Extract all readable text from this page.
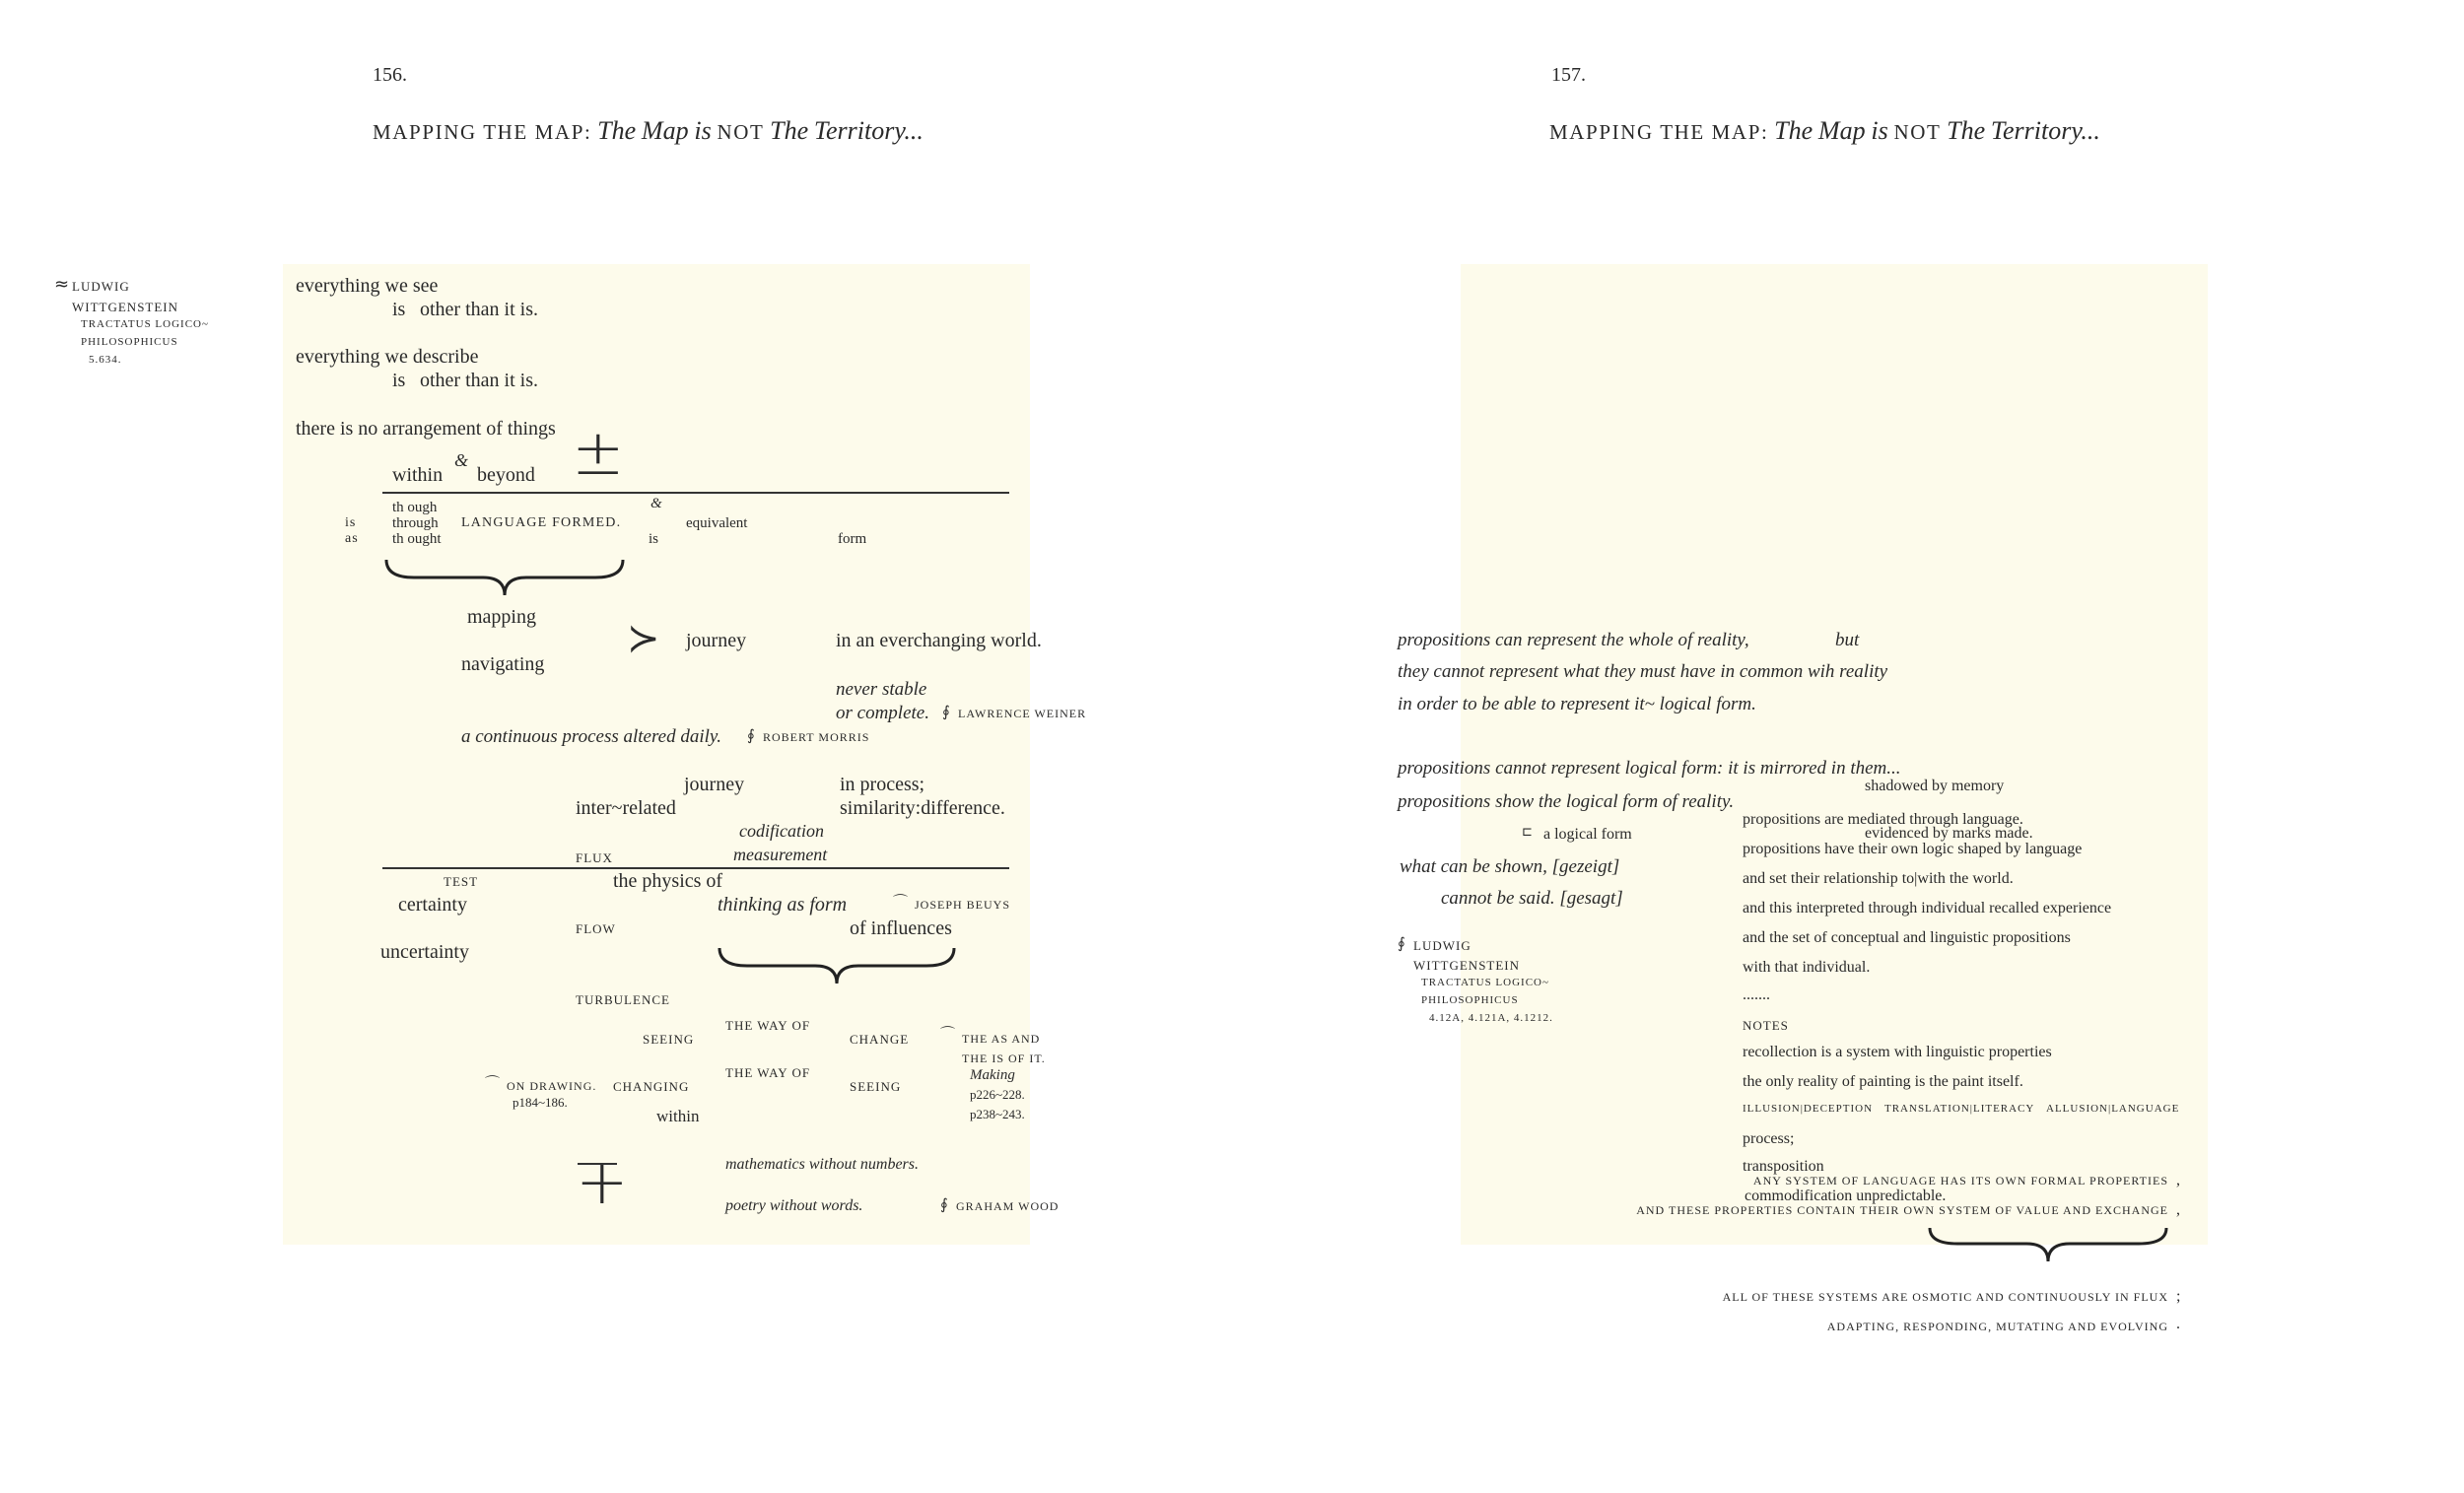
156.
MAPPING THE MAP: The Map is NOT The Territory...
≈ LUDWIG
WITTGENSTEIN
TRACTATUS LOGICO~
PHILOSOPHICUS
5.634.
everything we see
is other than it is.
everything we describe
is other than it is.
there is no arrangement of things
within
&
beyond ±
is
as
th ough
through
th ought
LANGUAGE FORMED.
&
equivalent
is	form
mapping
navigating
≻ journey	in an everchanging world.
never stable
or complete. ∮ LAWRENCE WEINER
a continuous process altered daily. ∮ ROBERT MORRIS
journey	in process;
inter~related	similarity:difference.
codification
FLUX	measurement
TEST	the physics of
certainty	thinking as form	⌒ JOSEPH BEUYS
FLOW	of influences
uncertainty
TURBULENCE
SEEING
THE WAY OF
CHANGE ⌒ THE AS AND
THE IS OF IT.
Making
p226~228.
p238~243.
⌒ ON DRAWING.
p184~186.
CHANGING
THE WAY OF
SEEING
within
+	mathematics without numbers.
poetry without words.	∮ GRAHAM WOOD
157.
MAPPING THE MAP: The Map is NOT The Territory...
propositions can represent the whole of reality,	but
they cannot represent what they must have in common wih reality
in order to be able to represent it~ logical form.
propositions cannot represent logical form: it is mirrored in them...
shadowed by memory
propositions show the logical form of reality.
propositions are mediated through language.
evidenced by marks made.
⊏ a logical form
propositions have their own logic shaped by language
what can be shown, [gezeigt]
and set their relationship to|with the world.
cannot be said. [gesagt]	and this interpreted through individual recalled experience
∮ LUDWIG	and the set of conceptual and linguistic propositions
WITTGENSTEIN	with that individual.
TRACTATUS LOGICO~
PHILOSOPHICUS	.......
4.12A, 4.121A, 4.1212.	NOTES
recollection is a system with linguistic properties
the only reality of painting is the paint itself.
ILLUSION|DECEPTION TRANSLATION|LITERACY ALLUSION|LANGUAGE
process;
transposition
ANY SYSTEM OF LANGUAGE HAS ITS OWN FORMAL PROPERTIES ,
commodification unpredictable.
AND THESE PROPERTIES CONTAIN THEIR OWN SYSTEM OF VALUE AND EXCHANGE ,
ALL OF THESE SYSTEMS ARE OSMOTIC AND CONTINUOUSLY IN FLUX ;
ADAPTING, RESPONDING, MUTATING AND EVOLVING .
